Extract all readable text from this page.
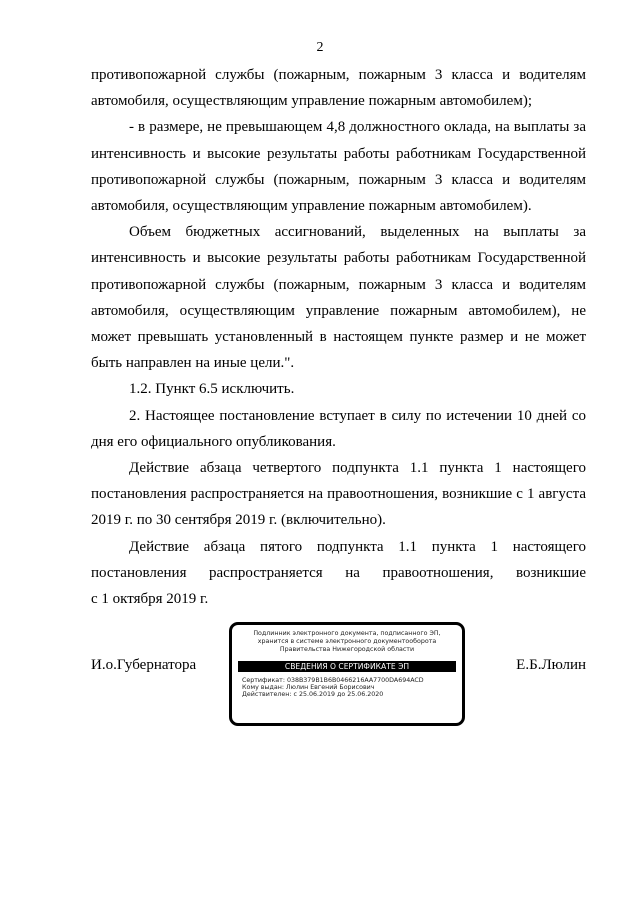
2

противопожарной службы (пожарным, пожарным 3 класса и водителям автомобиля, осуществляющим управление пожарным автомобилем);

- в размере, не превышающем 4,8 должностного оклада, на выплаты за интенсивность и высокие результаты работы работникам Государственной противопожарной службы (пожарным, пожарным 3 класса и водителям автомобиля, осуществляющим управление пожарным автомобилем).

Объем бюджетных ассигнований, выделенных на выплаты за интенсивность и высокие результаты работы работникам Государственной противопожарной службы (пожарным, пожарным 3 класса и водителям автомобиля, осуществляющим управление пожарным автомобилем), не может превышать установленный в настоящем пункте размер и не может быть направлен на иные цели.".

1.2. Пункт 6.5 исключить.

2. Настоящее постановление вступает в силу по истечении 10 дней со дня его официального опубликования.

Действие абзаца четвертого подпункта 1.1 пункта 1 настоящего постановления распространяется на правоотношения, возникшие с 1 августа 2019 г. по 30 сентября 2019 г. (включительно).

Действие абзаца пятого подпункта 1.1 пункта 1 настоящего постановления распространяется на правоотношения, возникшие

с 1 октября 2019 г.

И.о.Губернатора	Е.Б.Люлин
Подлинник электронного документа, подписанного ЭП,
хранится в системе электронного документооборота
Правительства Нижегородской области
СВЕДЕНИЯ О СЕРТИФИКАТЕ ЭП
Сертификат: 038B379B1B6B0466216AA7700DA694ACD
Кому выдан: Люлин Евгений Борисович
Действителен: с 25.06.2019 до 25.06.2020
